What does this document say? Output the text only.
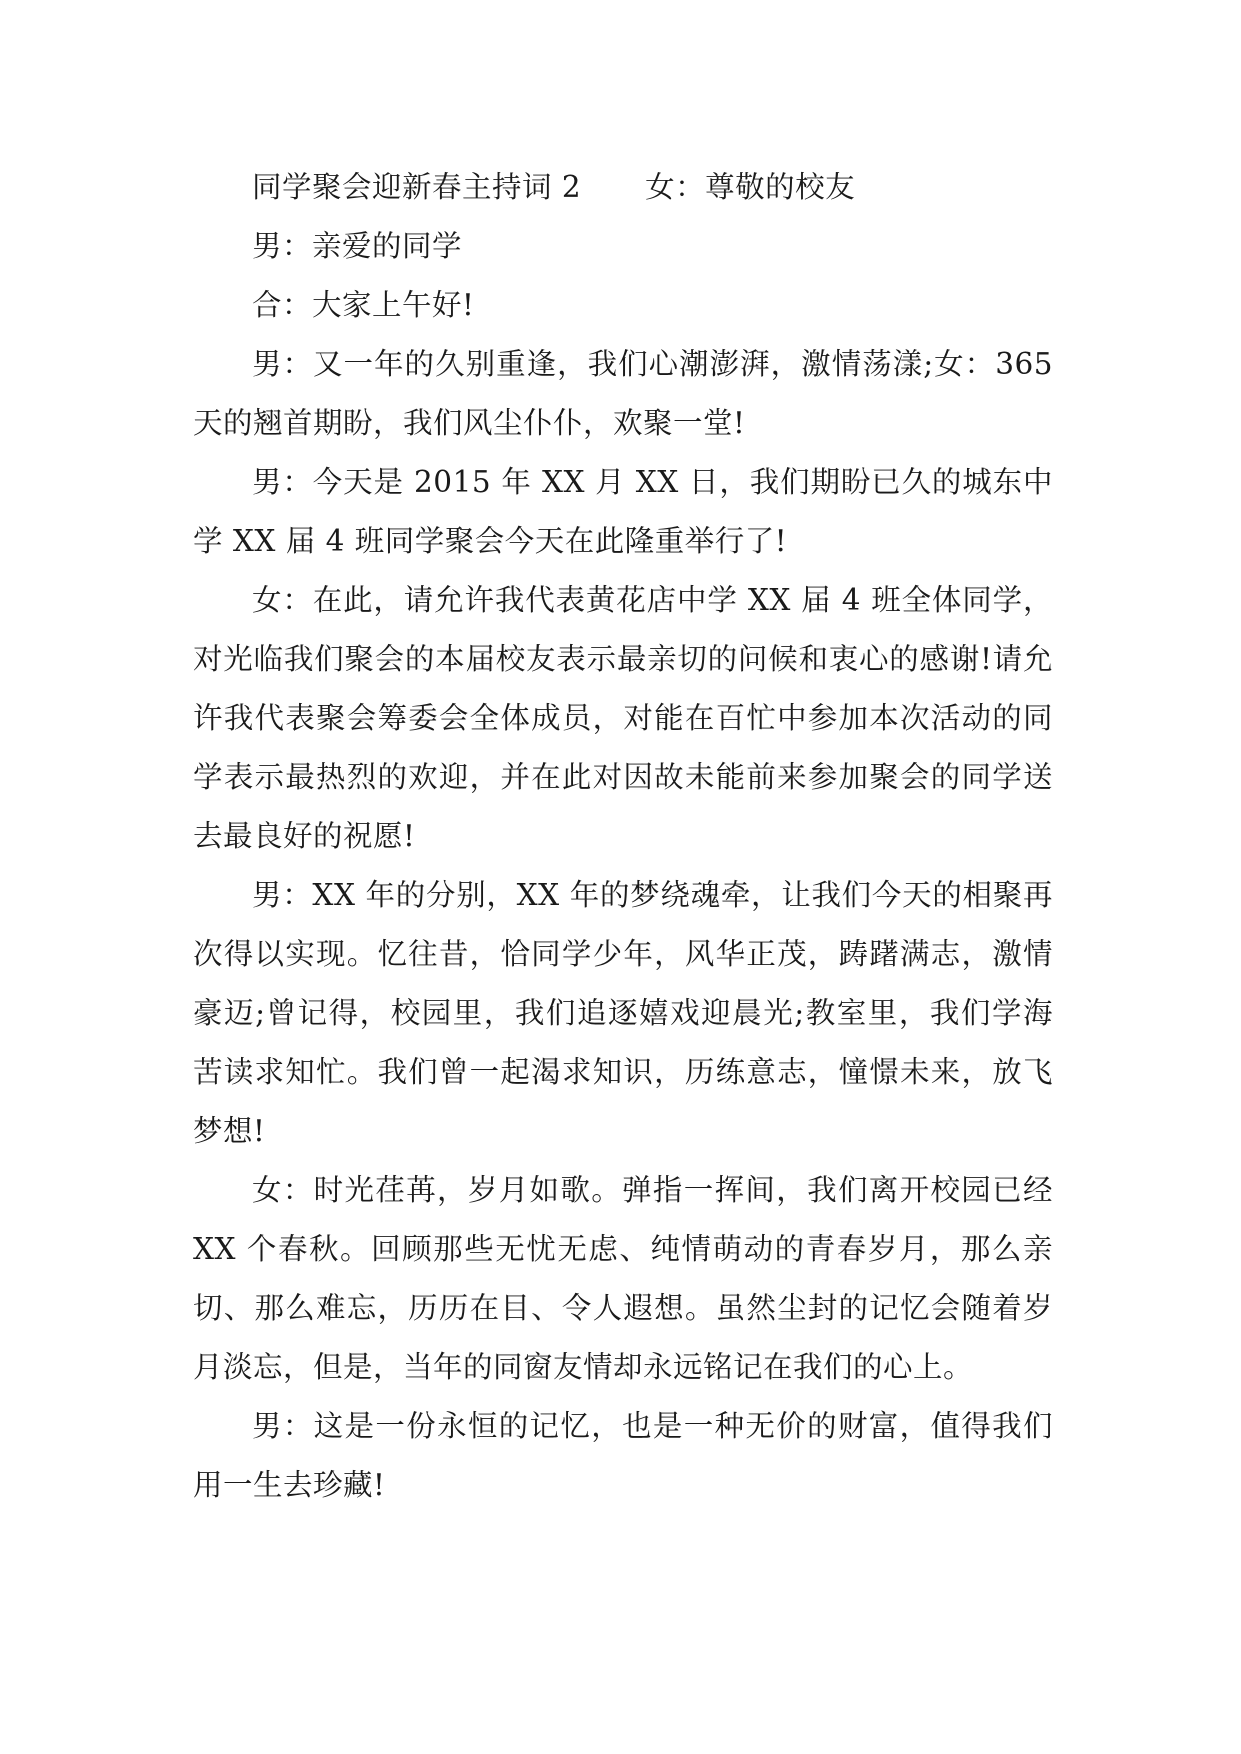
同学聚会迎新春主持词 2 女：尊敬的校友

男：亲爱的同学

合：大家上午好!

男：又一年的久别重逢，我们心潮澎湃，激情荡漾;女：365 天的翘首期盼，我们风尘仆仆，欢聚一堂!

男：今天是 2015 年 XX 月 XX 日，我们期盼已久的城东中学 XX 届 4 班同学聚会今天在此隆重举行了!

女：在此，请允许我代表黄花店中学 XX 届 4 班全体同学，对光临我们聚会的本届校友表示最亲切的问候和衷心的感谢!请允许我代表聚会筹委会全体成员，对能在百忙中参加本次活动的同学表示最热烈的欢迎，并在此对因故未能前来参加聚会的同学送去最良好的祝愿!

男：XX 年的分别，XX 年的梦绕魂牵，让我们今天的相聚再次得以实现。忆往昔，恰同学少年，风华正茂，踌躇满志，激情豪迈;曾记得，校园里，我们追逐嬉戏迎晨光;教室里，我们学海苦读求知忙。我们曾一起渴求知识，历练意志，憧憬未来，放飞梦想!

女：时光荏苒，岁月如歌。弹指一挥间，我们离开校园已经 XX 个春秋。回顾那些无忧无虑、纯情萌动的青春岁月，那么亲切、那么难忘，历历在目、令人遐想。虽然尘封的记忆会随着岁月淡忘，但是，当年的同窗友情却永远铭记在我们的心上。

男：这是一份永恒的记忆，也是一种无价的财富，值得我们用一生去珍藏!
